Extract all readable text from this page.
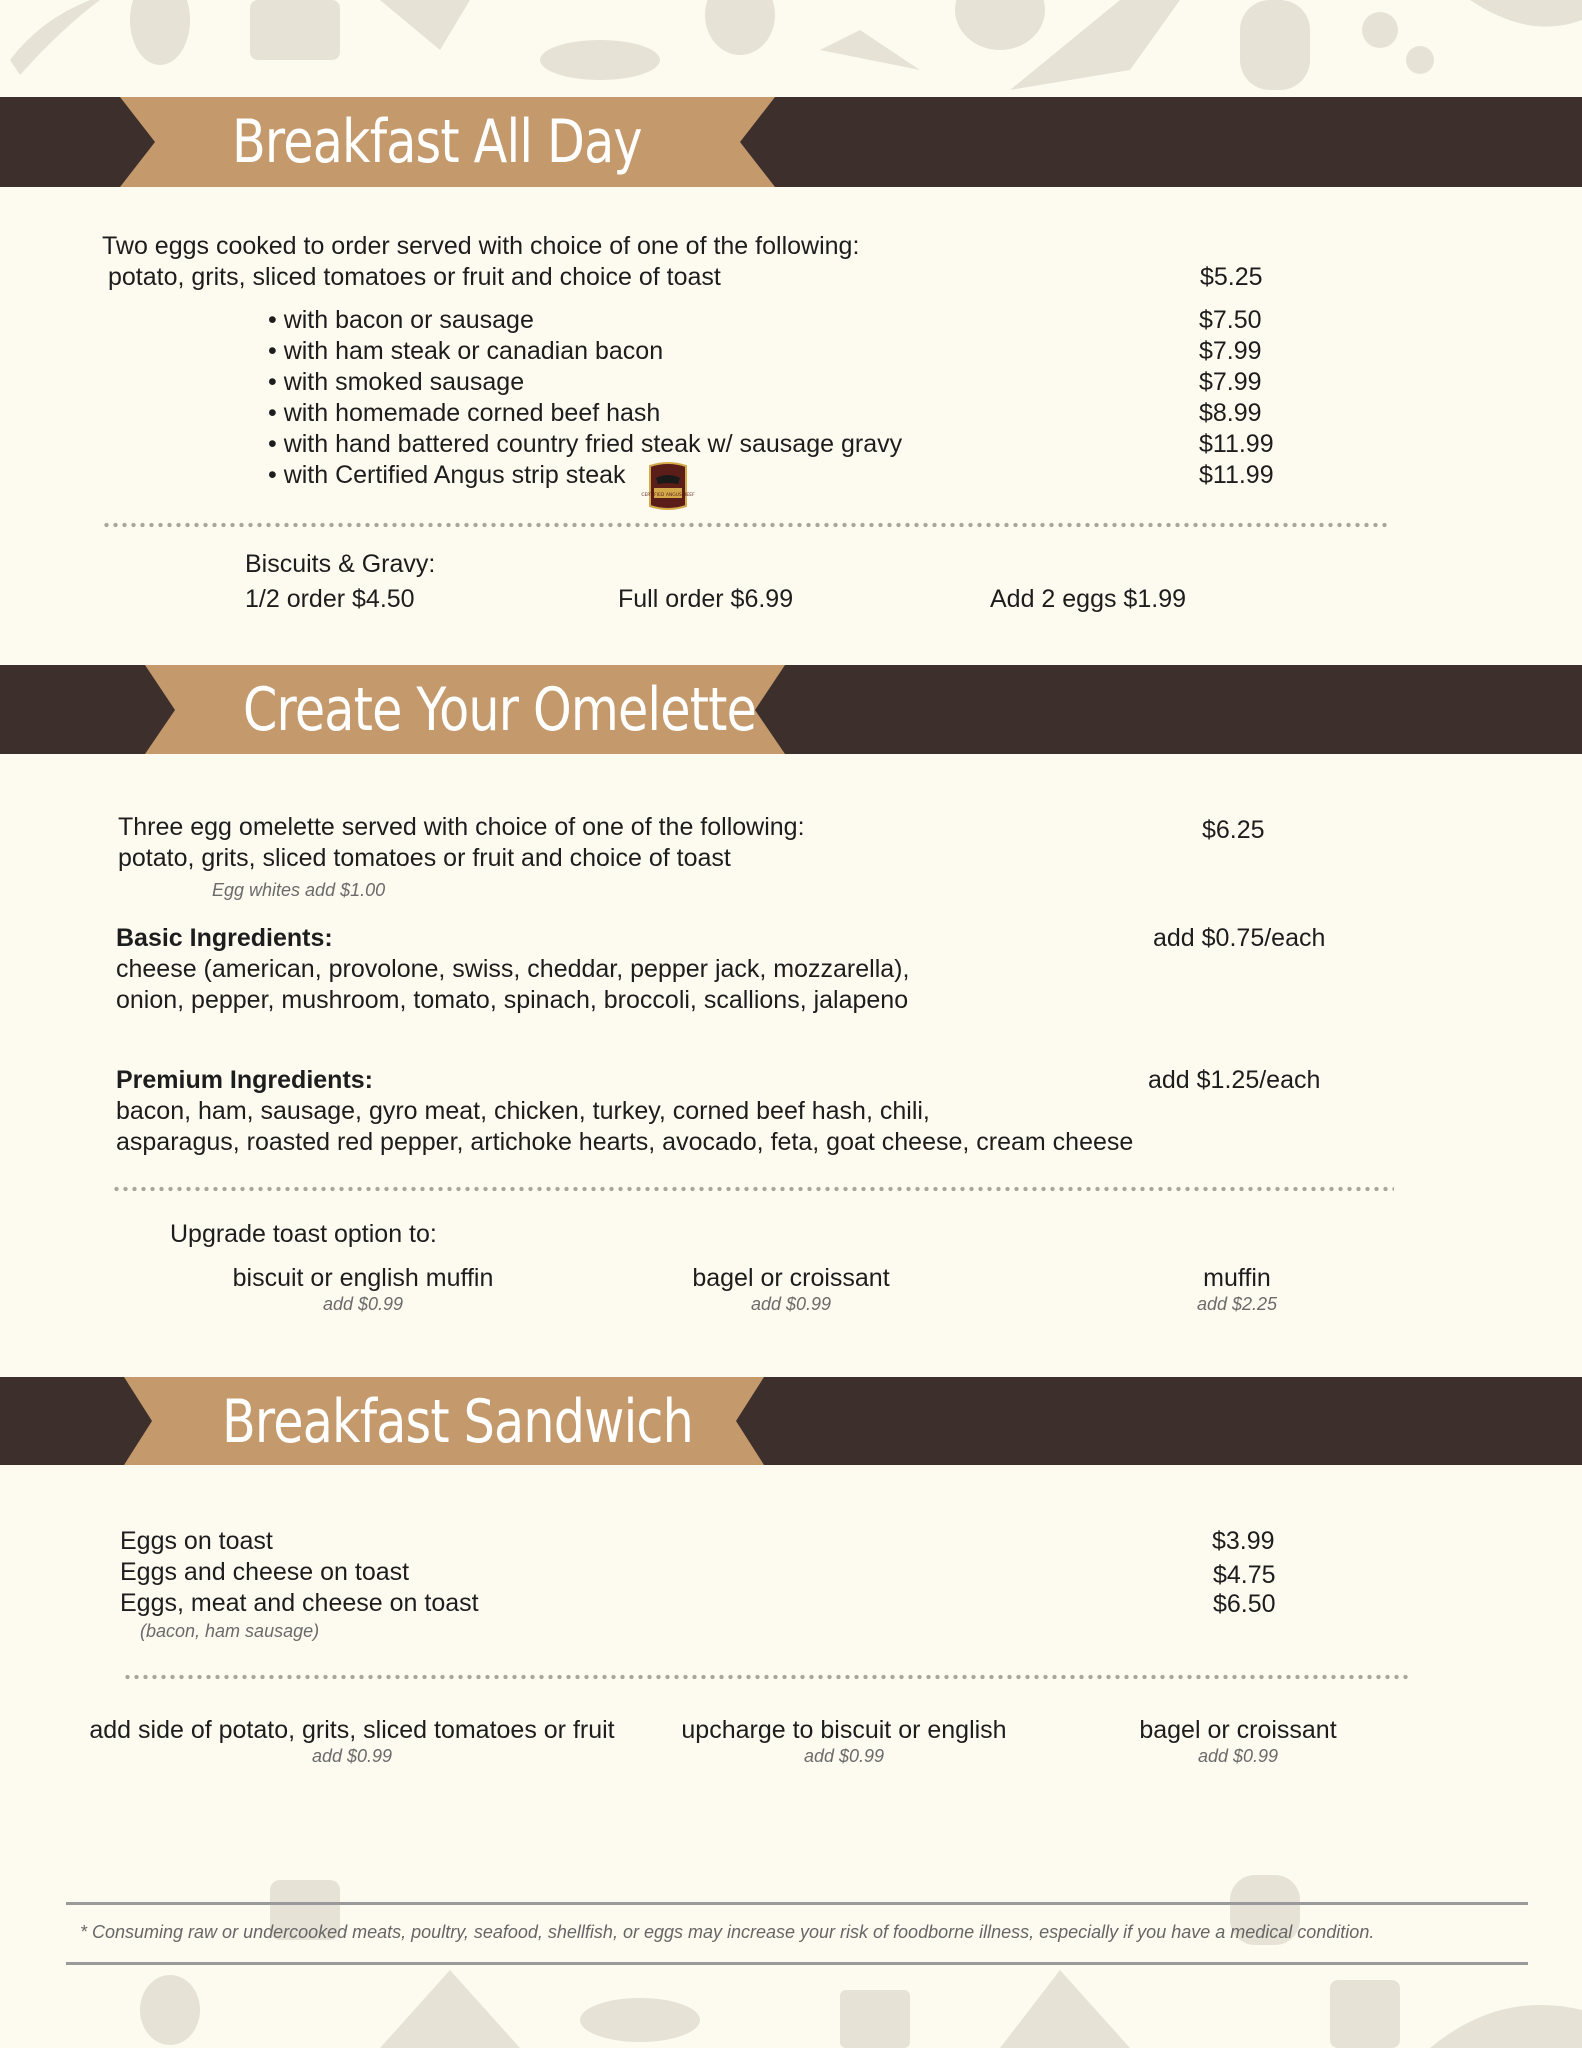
Breakfast All Day
Two eggs cooked to order served with choice of one of the following:
potato, grits, sliced tomatoes or fruit and choice of toast	$5.25
• with bacon or sausage	$7.50
• with ham steak or canadian bacon	$7.99
• with smoked sausage	$7.99
• with homemade corned beef hash	$8.99
• with hand battered country fried steak w/ sausage gravy	$11.99
• with Certified Angus strip steak	$11.99
CERTIFIED ANGUS BEEF
Biscuits & Gravy:
1/2 order $4.50	Full order $6.99	Add 2 eggs $1.99
Create Your Omelette
Three egg omelette served with choice of one of the following:
potato, grits, sliced tomatoes or fruit and choice of toast
$6.25
Egg whites add $1.00
Basic Ingredients:	add $0.75/each
cheese (american, provolone, swiss, cheddar, pepper jack, mozzarella),
onion, pepper, mushroom, tomato, spinach, broccoli, scallions, jalapeno
Premium Ingredients:	add $1.25/each
bacon, ham, sausage, gyro meat, chicken, turkey, corned beef hash, chili,
asparagus, roasted red pepper, artichoke hearts, avocado, feta, goat cheese, cream cheese
Upgrade toast option to:
biscuit or english muffin
add $0.99
bagel or croissant
add $0.99
muffin
add $2.25
Breakfast Sandwich
Eggs on toast	$3.99
Eggs and cheese on toast	$4.75
Eggs, meat and cheese on toast	$6.50
(bacon, ham sausage)
add side of potato, grits, sliced tomatoes or fruit
add $0.99
upcharge to biscuit or english
add $0.99
bagel or croissant
add $0.99
* Consuming raw or undercooked meats, poultry, seafood, shellfish, or eggs may increase your risk of foodborne illness, especially if you have a medical condition.
